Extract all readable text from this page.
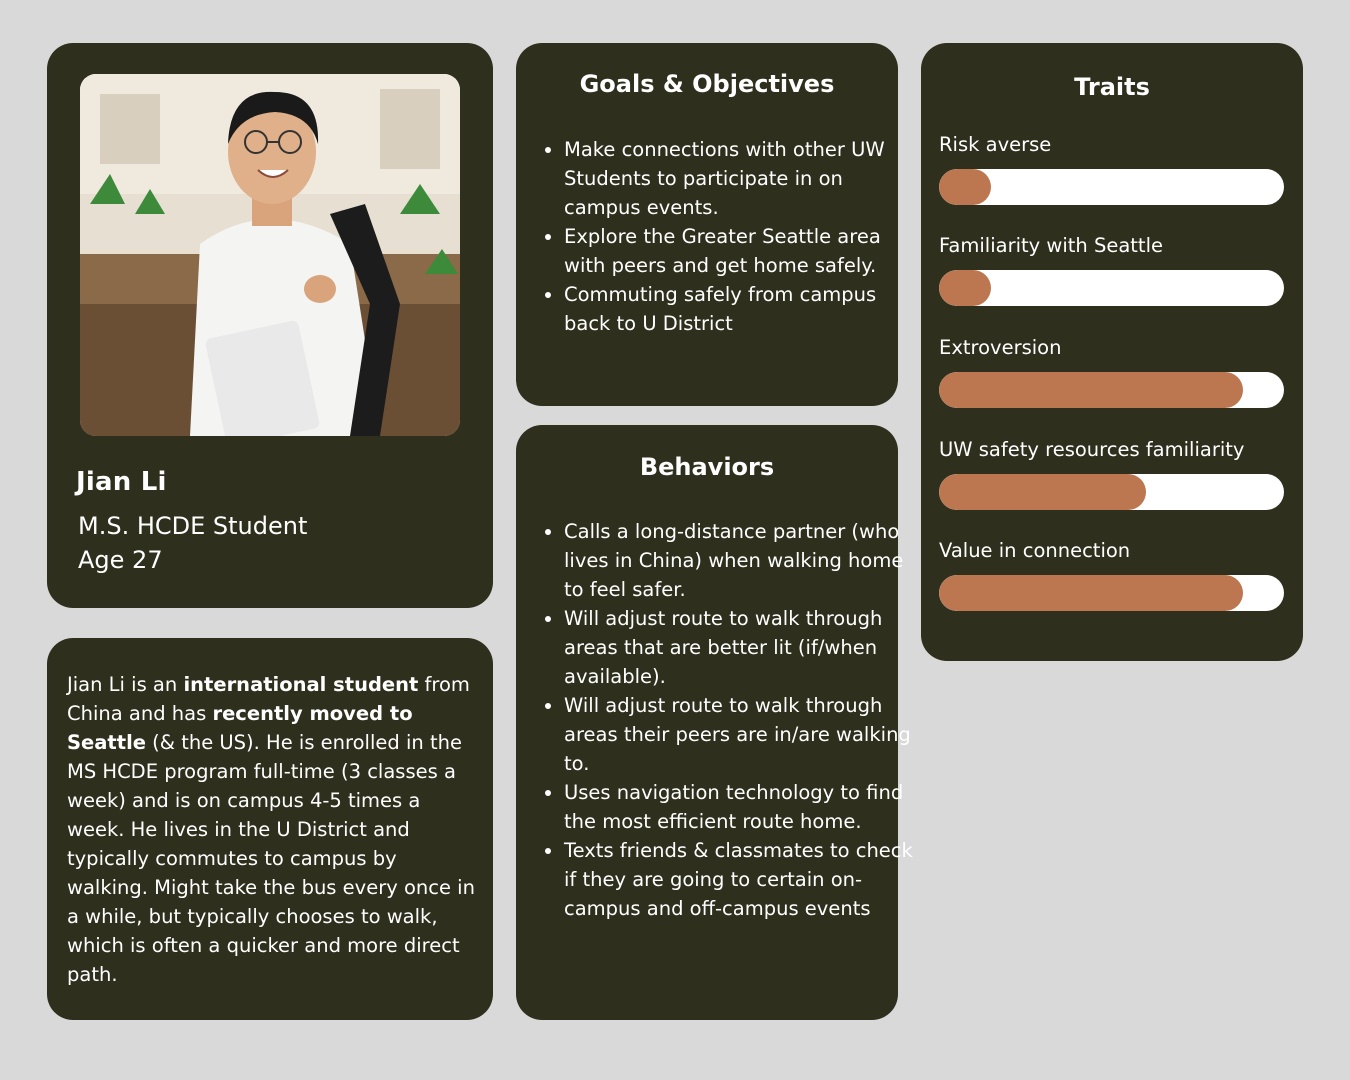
Jian Li
M.S. HCDE Student
Age 27
Jian Li is an international student from China and has recently moved to Seattle (& the US). He is enrolled in the MS HCDE program full-time (3 classes a week) and is on campus 4-5 times a week. He lives in the U District and typically commutes to campus by walking. Might take the bus every once in a while, but typically chooses to walk, which is often a quicker and more direct path.
Goals & Objectives
• Make connections with other UW Students to participate in on campus events.
• Explore the Greater Seattle area with peers and get home safely.
• Commuting safely from campus back to U District
Behaviors
• Calls a long-distance partner (who lives in China) when walking home to feel safer.
• Will adjust route to walk through areas that are better lit (if/when available).
• Will adjust route to walk through areas their peers are in/are walking to.
• Uses navigation technology to find the most efficient route home.
• Texts friends & classmates to check if they are going to certain on-campus and off-campus events
Traits
Risk averse
Familiarity with Seattle
Extroversion
UW safety resources familiarity
Value in connection
